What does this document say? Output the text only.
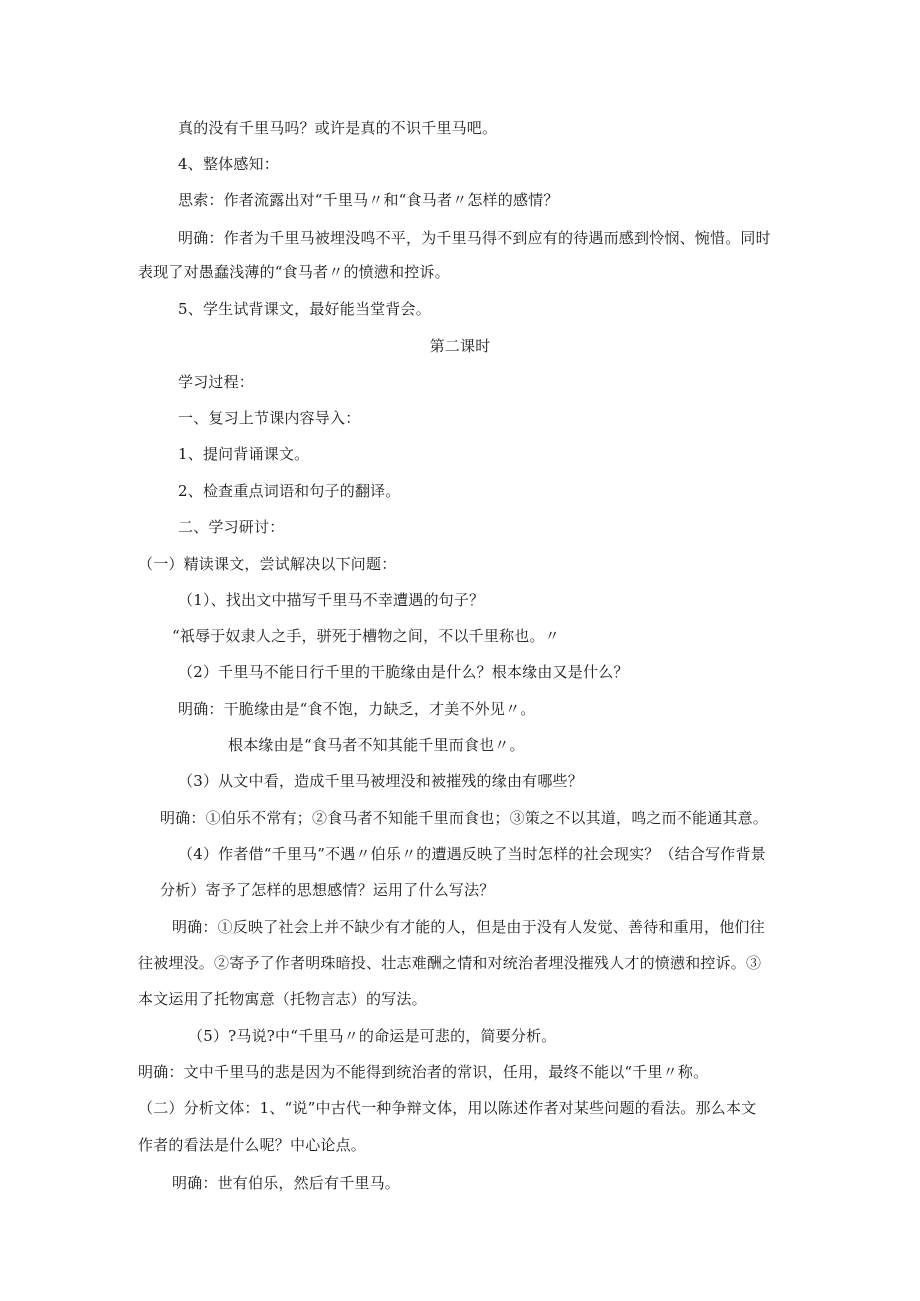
真的没有千里马吗？或许是真的不识千里马吧。
4、整体感知：
思索：作者流露出对“千里马〃和“食马者〃怎样的感情？
明确：作者为千里马被埋没鸣不平，为千里马得不到应有的待遇而感到怜悯、惋惜。同时
表现了对愚蠢浅薄的“食马者〃的愤懑和控诉。
5、学生试背课文，最好能当堂背会。
第二课时
学习过程：
一、复习上节课内容导入：
1、提问背诵课文。
2、检查重点词语和句子的翻译。
二、学习研讨：
（一）精读课文，尝试解决以下问题：
（1）、找出文中描写千里马不幸遭遇的句子？
“祇辱于奴隶人之手，骈死于槽物之间，不以千里称也。〃
（2）千里马不能日行千里的干脆缘由是什么？根本缘由又是什么？
明确：干脆缘由是“食不饱，力缺乏，才美不外见〃。
根本缘由是“食马者不知其能千里而食也〃。
（3）从文中看，造成千里马被埋没和被摧残的缘由有哪些？
明确：①伯乐不常有；②食马者不知能千里而食也；③策之不以其道，鸣之而不能通其意。
（4）作者借“千里马”不遇〃伯乐〃的遭遇反映了当时怎样的社会现实？（结合写作背景
分析）寄予了怎样的思想感情？运用了什么写法？
明确：①反映了社会上并不缺少有才能的人，但是由于没有人发觉、善待和重用，他们往
往被埋没。②寄予了作者明珠暗投、壮志难酬之情和对统治者埋没摧残人才的愤懑和控诉。③
本文运用了托物寓意（托物言志）的写法。
（5）?马说?中“千里马〃的命运是可悲的，简要分析。
明确：文中千里马的悲是因为不能得到统治者的常识，任用，最终不能以“千里〃称。
（二）分析文体：1、“说”中古代一种争辩文体，用以陈述作者对某些问题的看法。那么本文
作者的看法是什么呢？中心论点。
明确：世有伯乐，然后有千里马。
